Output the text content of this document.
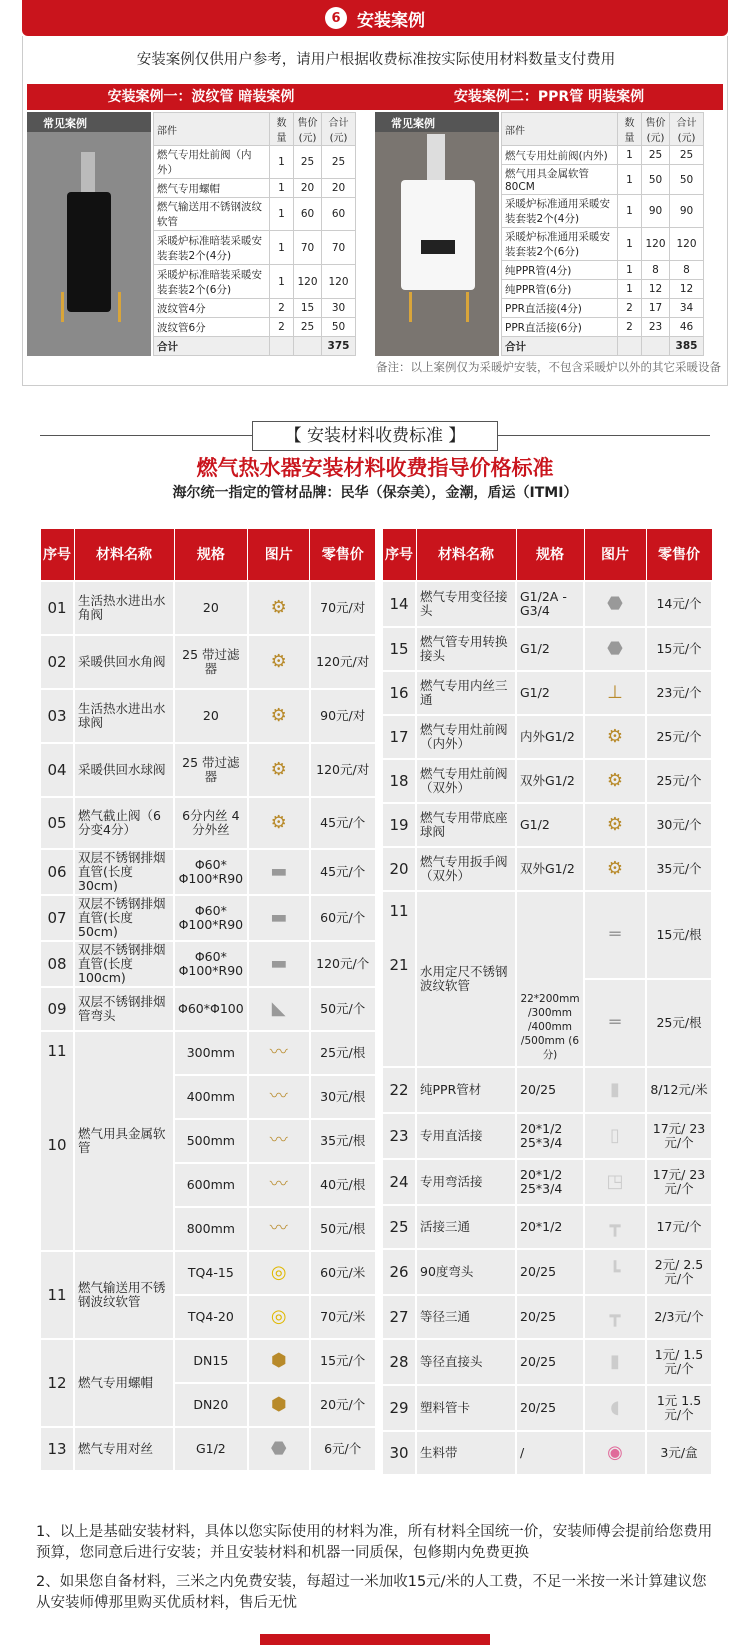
6 安装案例
安装案例仅供用户参考，请用户根据收费标准按实际使用材料数量支付费用
安装案例一：波纹管 暗装案例
常见案例
部件	数量	售价(元)	合计(元)
燃气专用灶前阀（内外）	1	25	25
燃气专用螺帽	1	20	20
燃气输送用不锈钢波纹软管	1	60	60
采暖炉标准暗装采暖安装套装2个(4分)	1	70	70
采暖炉标准暗装采暖安装套装2个(6分)	1	120	120
波纹管4分	2	15	30
波纹管6分	2	25	50
合计			375
安装案例二：PPR管 明装案例
常见案例
部件	数量	售价(元)	合计(元)
燃气专用灶前阀(内外)	1	25	25
燃气用具金属软管80CM	1	50	50
采暖炉标准通用采暖安装套装2个(4分)	1	90	90
采暖炉标准通用采暖安装套装2个(6分)	1	120	120
纯PPR管(4分)	1	8	8
纯PPR管(6分)	1	12	12
PPR直活接(4分)	2	17	34
PPR直活接(6分)	2	23	46
合计			385
备注：以上案例仅为采暖炉安装，不包含采暖炉以外的其它采暖设备
【 安装材料收费标准 】
燃气热水器安装材料收费指导价格标准
海尔统一指定的管材品牌：民华（保奈美），金潮，盾运（ITMI）
序号	材料名称	规格	图片	零售价
01	生活热水进出水角阀	20	⚙	70元/对
02	采暖供回水角阀	25 带过滤器	⚙	120元/对
03	生活热水进出水球阀	20	⚙	90元/对
04	采暖供回水球阀	25 带过滤器	⚙	120元/对
05	燃气截止阀（6分变4分）	6分内丝 4分外丝	⚙	45元/个
06	双层不锈钢排烟直管(长度30cm)	Φ60* Φ100*R90	▬	45元/个
07	双层不锈钢排烟直管(长度50cm)	Φ60* Φ100*R90	▬	60元/个
08	双层不锈钢排烟直管(长度100cm)	Φ60* Φ100*R90	▬	120元/个
09	双层不锈钢排烟管弯头	Φ60*Φ100	◣	50元/个

11
10	燃气用具金属软管	300mm	〰	25元/根
		400mm	〰	30元/根
		500mm	〰	35元/根
		600mm	〰	40元/根
		800mm	〰	50元/根
11	燃气输送用不锈钢波纹软管	TQ4-15	◎	60元/米
		TQ4-20	◎	70元/米
12	燃气专用螺帽	DN15	⬢	15元/个
		DN20	⬢	20元/个
13	燃气专用对丝	G1/2	⬣	6元/个
序号	材料名称	规格	图片	零售价
14	燃气专用变径接头	G1/2A -G3/4	⬣	14元/个
15	燃气管专用转换接头	G1/2	⬣	15元/个
16	燃气专用内丝三通	G1/2	⊥	23元/个
17	燃气专用灶前阀（内外）	内外G1/2	⚙	25元/个
18	燃气专用灶前阀（双外）	双外G1/2	⚙	25元/个
19	燃气专用带底座球阀	G1/2	⚙	30元/个
20	燃气专用扳手阀（双外）	双外G1/2	⚙	35元/个

11
21	水用定尺不锈钢波纹软管	22*200mm /300mm /400mm /500mm (6分)	═	15元/根
			═	25元/根
22	纯PPR管材	20/25	▮	8/12元/米
23	专用直活接	20*1/2 25*3/4	▯	17元/ 23元/个
24	专用弯活接	20*1/2 25*3/4	◳	17元/ 23元/个
25	活接三通	20*1/2	┳	17元/个
26	90度弯头	20/25	┗	2元/ 2.5元/个
27	等径三通	20/25	┳	2/3元/个
28	等径直接头	20/25	▮	1元/ 1.5元/个
29	塑料管卡	20/25	◖	1元 1.5元/个
30	生料带	/	◉	3元/盒

1、以上是基础安装材料，具体以您实际使用的材料为准，所有材料全国统一价，安装师傅会提前给您费用预算，您同意后进行安装；并且安装材料和机器一同质保，包修期内免费更换

2、如果您自备材料，三米之内免费安装，每超过一米加收15元/米的人工费，不足一米按一米计算建议您从安装师傅那里购买优质材料，售后无忧
